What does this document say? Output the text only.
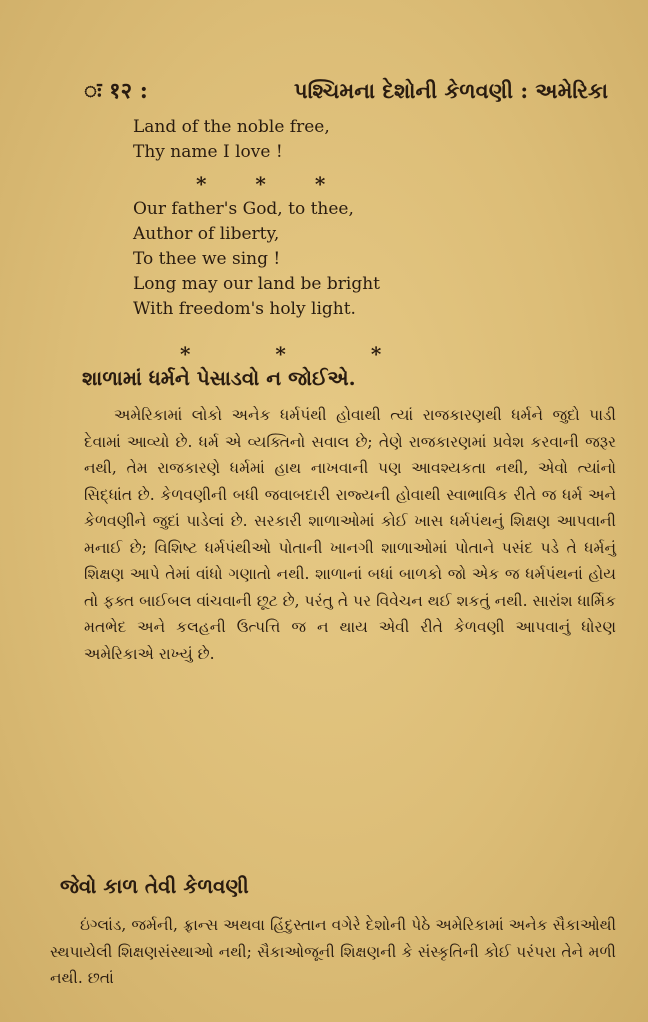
ः १२ :	પશ્ચિમના દેશોની કેળવણી : અમેરિકા
Land of the noble free,
Thy name I love !
Our father's God, to thee,
Author of liberty,
To thee we sing !
Long may our land be bright
With freedom's holy light.
* * *
* * *
શાળામાં ધર્મને પેસાડવો ન જોઈએ.
અમેરિકામાં લોકો અનેક ધર્મપંથી હોવાથી ત્યાં રાજકારણથી ધર્મને જુદો પાડી દેવામાં આવ્યો છે. ધર્મ એ વ્યક્તિનો સવાલ છે; તેણે રાજકારણમાં પ્રવેશ કરવાની જરૂર નથી, તેમ રાજકારણે ધર્મમાં હાથ નાખવાની પણ આવશ્યકતા નથી, એવો ત્યાંનો સિદ્ધાંત છે. કેળવણીની બધી જવાબદારી રાજ્યની હોવાથી સ્વાભાવિક રીતે જ ધર્મ અને કેળવણીને જુદાં પાડેલાં છે. સરકારી શાળાઓમાં કોઈ ખાસ ધર્મપંથનું શિક્ષણ આપવાની મનાઈ છે; વિશિષ્ટ ધર્મપંથીઓ પોતાની ખાનગી શાળાઓમાં પોતાને પસંદ પડે તે ધર્મનું શિક્ષણ આપે તેમાં વાંધો ગણાતો નથી. શાળાનાં બધાં બાળકો જો એક જ ધર્મપંથનાં હોય તો ફક્ત બાઈબલ વાંચવાની છૂટ છે, પરંતુ તે પર વિવેચન થઈ શકતું નથી. સારાંશ ધાર્મિક મતભેદ અને કલહની ઉત્પત્તિ જ ન થાય એવી રીતે કેળવણી આપવાનું ધોરણ અમેરિકાએ રાખ્યું છે.
જેવો કાળ તેવી કેળવણી
ઇંગ્લાંડ, જર્મની, ફ્રાન્સ અથવા હિંદુસ્તાન વગેરે દેશોની પેઠે અમેરિકામાં અનેક સૈકાઓથી સ્થપાયેલી શિક્ષણસંસ્થાઓ નથી; સૈકાઓજૂની શિક્ષણની કે સંસ્કૃતિની કોઈ પરંપરા તેને મળી નથી. છતાં
